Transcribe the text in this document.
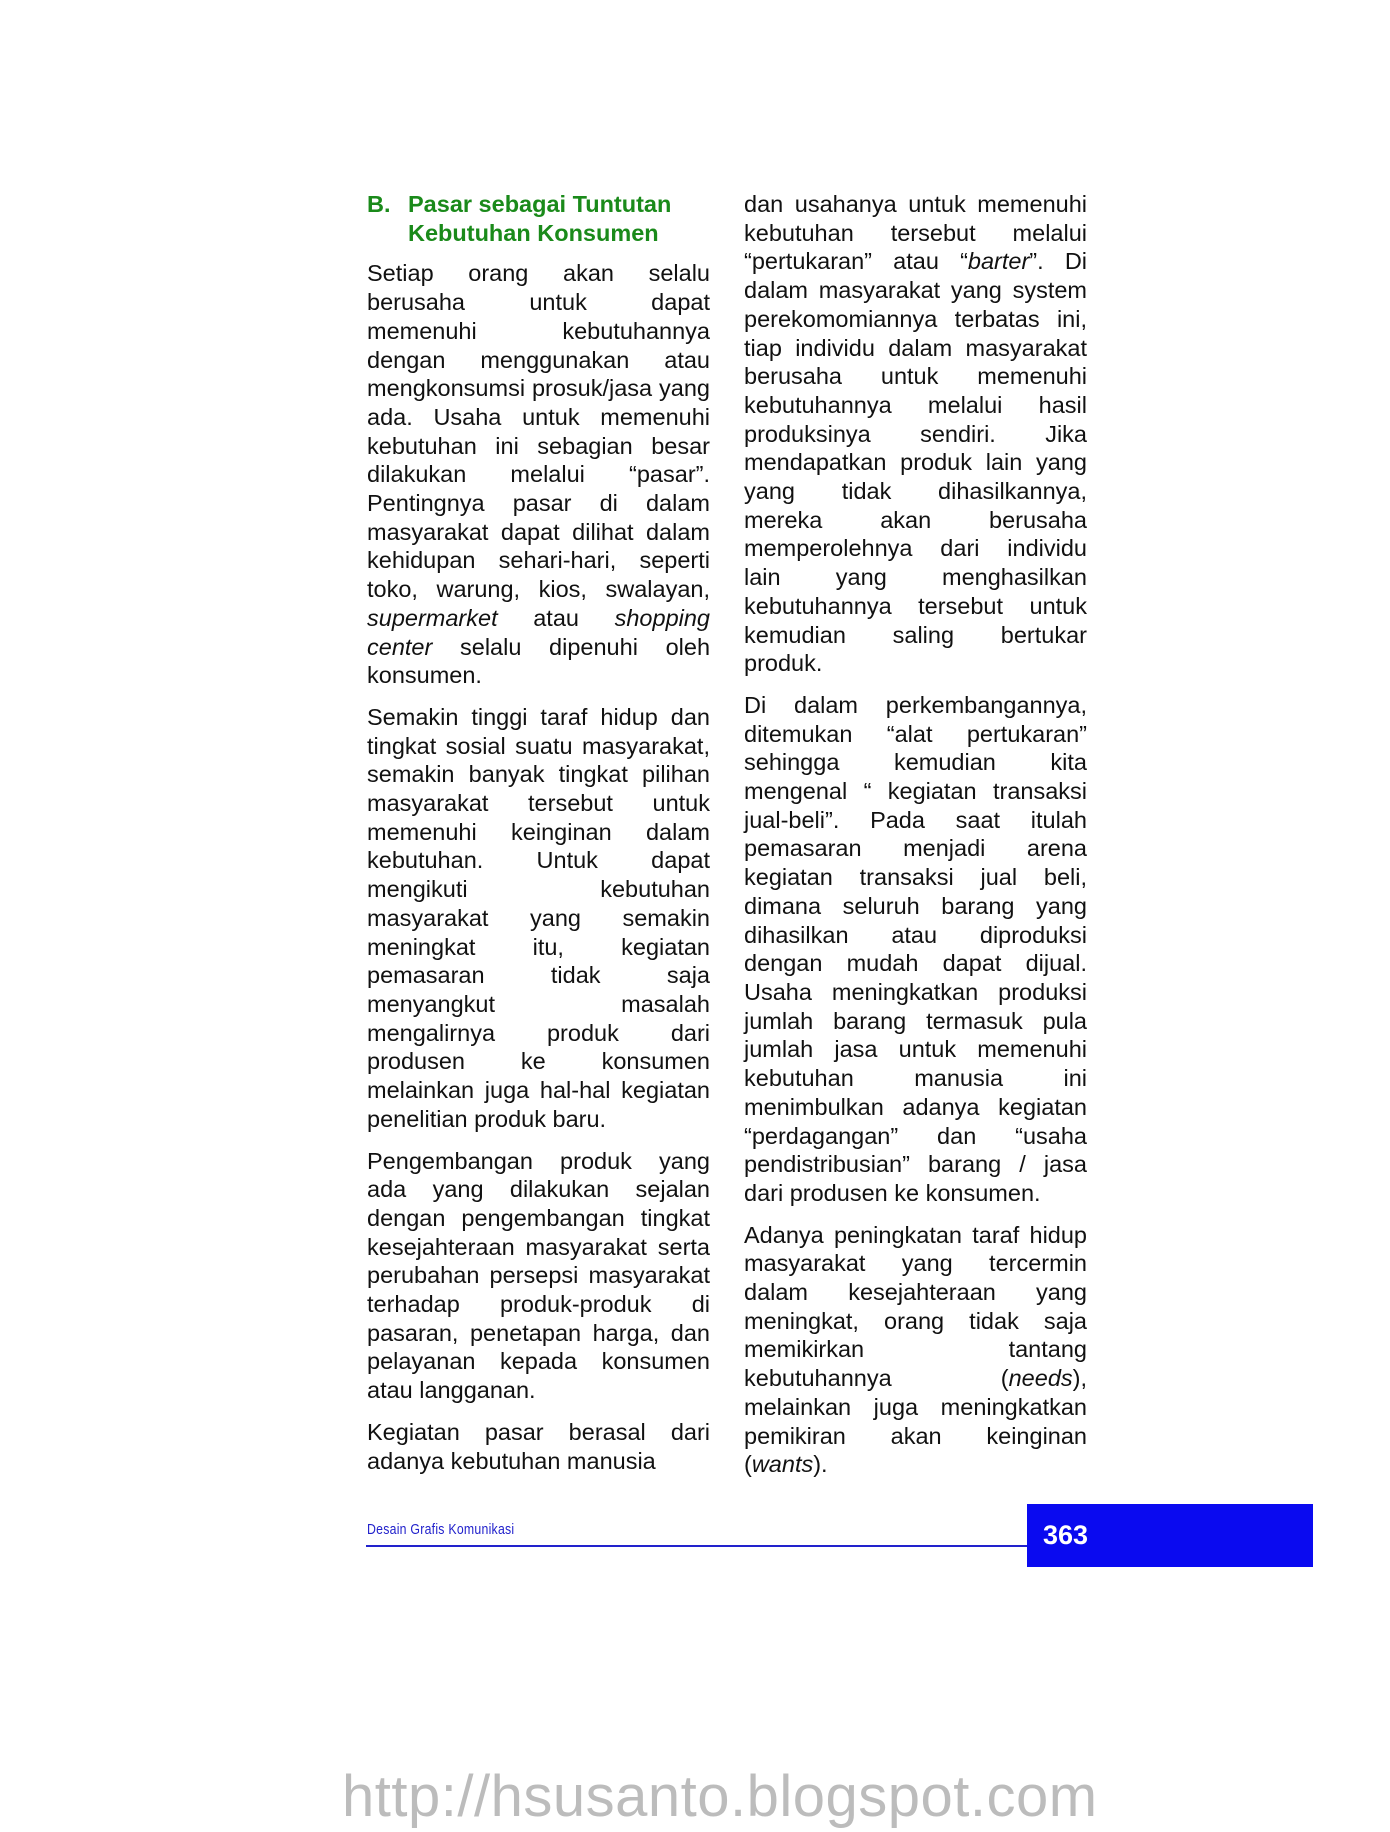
B. Pasar sebagai Tuntutan Kebutuhan Konsumen

Setiap orang akan selalu berusaha untuk dapat memenuhi kebutuhannya dengan menggunakan atau mengkonsumsi prosuk/jasa yang ada. Usaha untuk memenuhi kebutuhan ini sebagian besar dilakukan melalui “pasar”. Pentingnya pasar di dalam masyarakat dapat dilihat dalam kehidupan sehari-hari, seperti toko, warung, kios, swalayan, supermarket atau shopping center selalu dipenuhi oleh konsumen.

Semakin tinggi taraf hidup dan tingkat sosial suatu masyarakat, semakin banyak tingkat pilihan masyarakat tersebut untuk memenuhi keinginan dalam kebutuhan. Untuk dapat mengikuti kebutuhan masyarakat yang semakin meningkat itu, kegiatan pemasaran tidak saja menyangkut masalah mengalirnya produk dari produsen ke konsumen melainkan juga hal-hal kegiatan penelitian produk baru.

Pengembangan produk yang ada yang dilakukan sejalan dengan pengembangan tingkat kesejahteraan masyarakat serta perubahan persepsi masyarakat terhadap produk-produk di pasaran, penetapan harga, dan pelayanan kepada konsumen atau langganan.

Kegiatan pasar berasal dari adanya kebutuhan manusia

dan usahanya untuk memenuhi kebutuhan tersebut melalui “pertukaran” atau “barter”. Di dalam masyarakat yang system perekomomiannya terbatas ini, tiap individu dalam masyarakat berusaha untuk memenuhi kebutuhannya melalui hasil produksinya sendiri. Jika mendapatkan produk lain yang yang tidak dihasilkannya, mereka akan berusaha memperolehnya dari individu lain yang menghasilkan kebutuhannya tersebut untuk kemudian saling bertukar produk.

Di dalam perkembangannya, ditemukan “alat pertukaran” sehingga kemudian kita mengenal “ kegiatan transaksi jual-beli”. Pada saat itulah pemasaran menjadi arena kegiatan transaksi jual beli, dimana seluruh barang yang dihasilkan atau diproduksi dengan mudah dapat dijual. Usaha meningkatkan produksi jumlah barang termasuk pula jumlah jasa untuk memenuhi kebutuhan manusia ini menimbulkan adanya kegiatan “perdagangan” dan “usaha pendistribusian” barang / jasa dari produsen ke konsumen.

Adanya peningkatan taraf hidup masyarakat yang tercermin dalam kesejahteraan yang meningkat, orang tidak saja memikirkan tantang kebutuhannya (needs), melainkan juga meningkatkan pemikiran akan keinginan (wants).

Desain Grafis Komunikasi	363
http://hsusanto.blogspot.com
